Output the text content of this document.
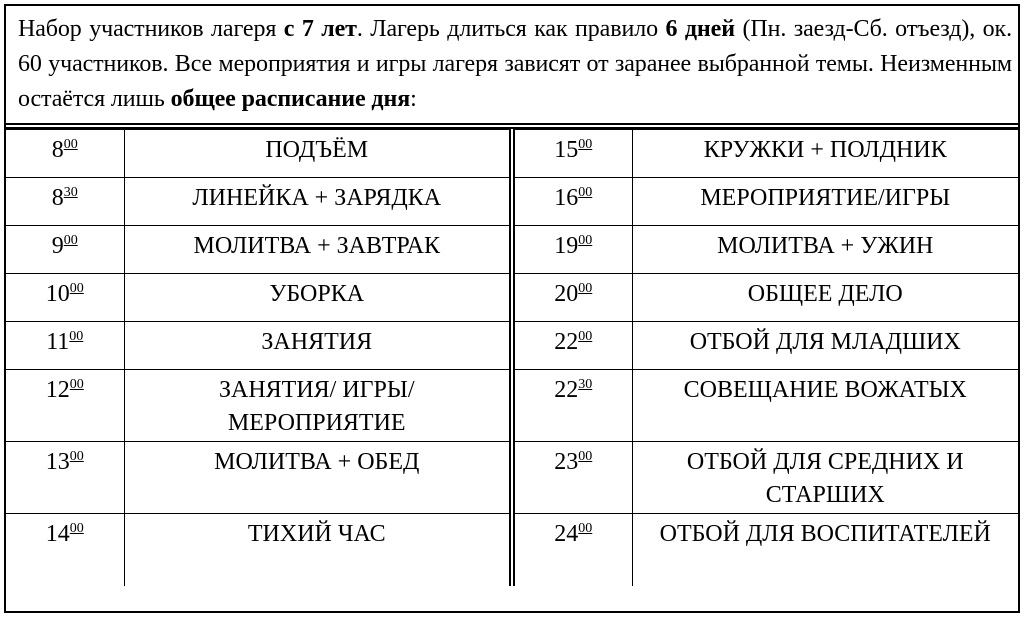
Набор участников лагеря с 7 лет. Лагерь длиться как правило 6 дней (Пн. заезд-Сб. отъезд), ок. 60 участников. Все мероприятия и игры лагеря зависят от заранее выбранной темы. Неизменным остаётся лишь общее расписание дня:
$8^{00}$	ПОДЪЁМ	$15^{00}$	КРУЖКИ + ПОЛДНИК
$8^{30}$	ЛИНЕЙКА + ЗАРЯДКА	$16^{00}$	МЕРОПРИЯТИЕ/ИГРЫ
$9^{00}$	МОЛИТВА + ЗАВТРАК	$19^{00}$	МОЛИТВА + УЖИН
$10^{00}$	УБОРКА	$20^{00}$	ОБЩЕЕ ДЕЛО
$11^{00}$	ЗАНЯТИЯ	$22^{00}$	ОТБОЙ ДЛЯ МЛАДШИХ
$12^{00}$	ЗАНЯТИЯ/ ИГРЫ/ МЕРОПРИЯТИЕ	$22^{30}$	СОВЕЩАНИЕ ВОЖАТЫХ
$13^{00}$	МОЛИТВА + ОБЕД	$23^{00}$	ОТБОЙ ДЛЯ СРЕДНИХ И СТАРШИХ
$14^{00}$	ТИХИЙ ЧАС	$24^{00}$	ОТБОЙ ДЛЯ ВОСПИТАТЕЛЕЙ
